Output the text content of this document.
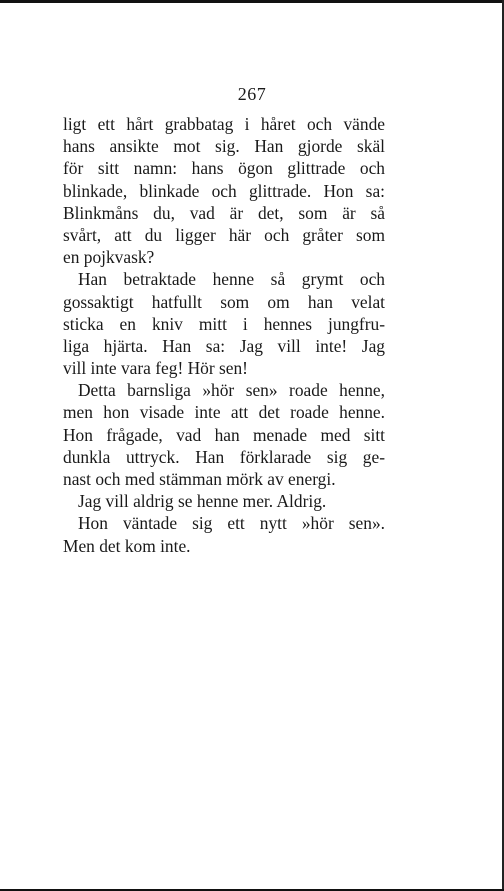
267
ligt ett hårt grabbatag i håret och vände
hans ansikte mot sig. Han gjorde skäl
för sitt namn: hans ögon glittrade och
blinkade, blinkade och glittrade. Hon sa:
Blinkmåns du, vad är det, som är så
svårt, att du ligger här och gråter som
en pojkvask?
Han betraktade henne så grymt och
gossaktigt hatfullt som om han velat
sticka en kniv mitt i hennes jungfru-
liga hjärta. Han sa: Jag vill inte! Jag
vill inte vara feg! Hör sen!
Detta barnsliga »hör sen» roade henne,
men hon visade inte att det roade henne.
Hon frågade, vad han menade med sitt
dunkla uttryck. Han förklarade sig ge-
nast och med stämman mörk av energi.
Jag vill aldrig se henne mer. Aldrig.
Hon väntade sig ett nytt »hör sen».
Men det kom inte.
